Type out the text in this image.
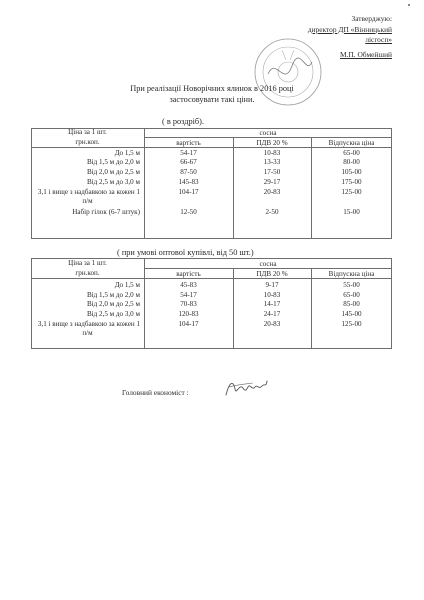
Затверджую:
директор ДП «Вінницький
лісгосп»
М.П. Обмейший
При реалізації Новорічних ялинок в 2016 році
застосовувати такі ціни.
( в роздріб).
Ціна за 1 шт.
грн.коп.
сосна
вартість	ПДВ 20 %	Відпускна ціна
До 1,5 м	54-17	10-83	65-00
Від 1,5 м до 2,0 м	66-67	13-33	80-00
Від 2,0 м до 2,5 м	87-50	17-50	105-00
Від 2,5 м до 3,0 м	145-83	29-17	175-00
3,1 і вище з надбавкою за кожен 1
п/м
104-17	20-83	125-00
Набір гілок (6-7 штук)	12-50	2-50	15-00
( при умові оптової купівлі, від 50 шт.)
Ціна за 1 шт.
грн.коп.
сосна
вартість	ПДВ 20 %	Відпускна ціна
До 1,5 м	45-83	9-17	55-00
Від 1,5 м до 2,0 м	54-17	10-83	65-00
Від 2,0 м до 2,5 м	70-83	14-17	85-00
Від 2,5 м до 3,0 м	120-83	24-17	145-00
3,1 і вище з надбавкою за кожен 1
п/м
104-17	20-83	125-00
Головний економіст :
